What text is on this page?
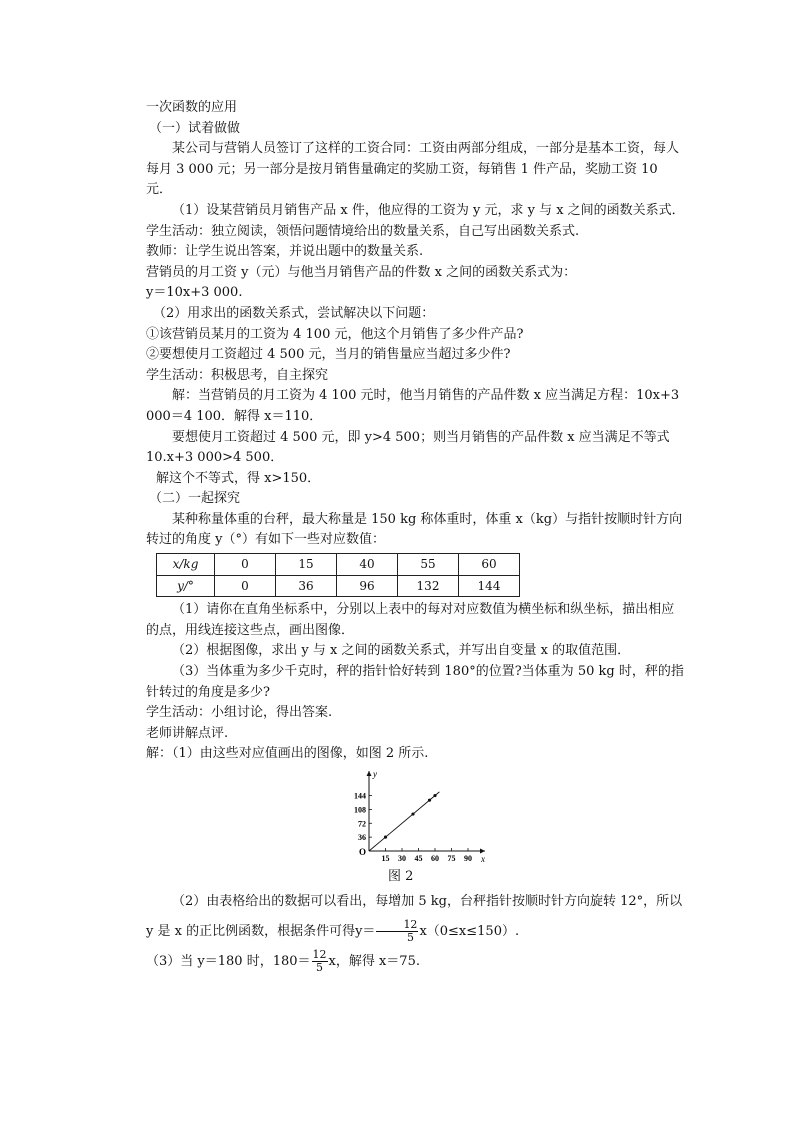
一次函数的应用

（一）试着做做

某公司与营销人员签订了这样的工资合同：工资由两部分组成，一部分是基本工资，每人每月 3 000 元；另一部分是按月销售量确定的奖励工资，每销售 1 件产品，奖励工资 10 元．

（1）设某营销员月销售产品 x 件，他应得的工资为 y 元，求 y 与 x 之间的函数关系式．

学生活动：独立阅读，领悟问题情境给出的数量关系，自己写出函数关系式.

教师：让学生说出答案，并说出题中的数量关系.

营销员的月工资 y（元）与他当月销售产品的件数 x 之间的函数关系式为：

y＝10x+3 000.

（2）用求出的函数关系式，尝试解决以下问题：

①该营销员某月的工资为 4 100 元，他这个月销售了多少件产品?

②要想使月工资超过 4 500 元，当月的销售量应当超过多少件?

学生活动：积极思考，自主探究

解：当营销员的月工资为 4 100 元时，他当月销售的产品件数 x 应当满足方程：10x+3 000＝4 100．解得 x＝110．

要想使月工资超过 4 500 元，即 y>4 500；则当月销售的产品件数 x 应当满足不等式 10.x+3 000>4 500．

解这个不等式，得 x>150．

（二）一起探究

某种称量体重的台秤，最大称量是 150 kg 称体重时，体重 x（kg）与指针按顺时针方向转过的角度 y（°）有如下一些对应数值：

x/kg	0	15	40	55	60
y/°	0	36	96	132	144

（1）请你在直角坐标系中，分别以上表中的每对对应数值为横坐标和纵坐标，描出相应的点，用线连接这些点，画出图像．

（2）根据图像，求出 y 与 x 之间的函数关系式，并写出自变量 x 的取值范围．

（3）当体重为多少千克时，秤的指针恰好转到 180°的位置?当体重为 50 kg 时，秤的指针转过的角度是多少?

学生活动：小组讨论，得出答案.

老师讲解点评.

解：（1）由这些对应值画出的图像，如图 2 所示.

15 30 45 60 75 90
36
72
108
144
O
x
y
图 2

（2）由表格给出的数据可以看出，每增加 5 kg，台秤指针按顺时针方向旋转 12°，所以 y 是 x 的正比例函数，根据条件可得$y= \frac{12}{5} x(0\le x\le 150)$.

（3）当 y＝180 时，$180= \frac{12}{5}$ x，解得 x＝75.
